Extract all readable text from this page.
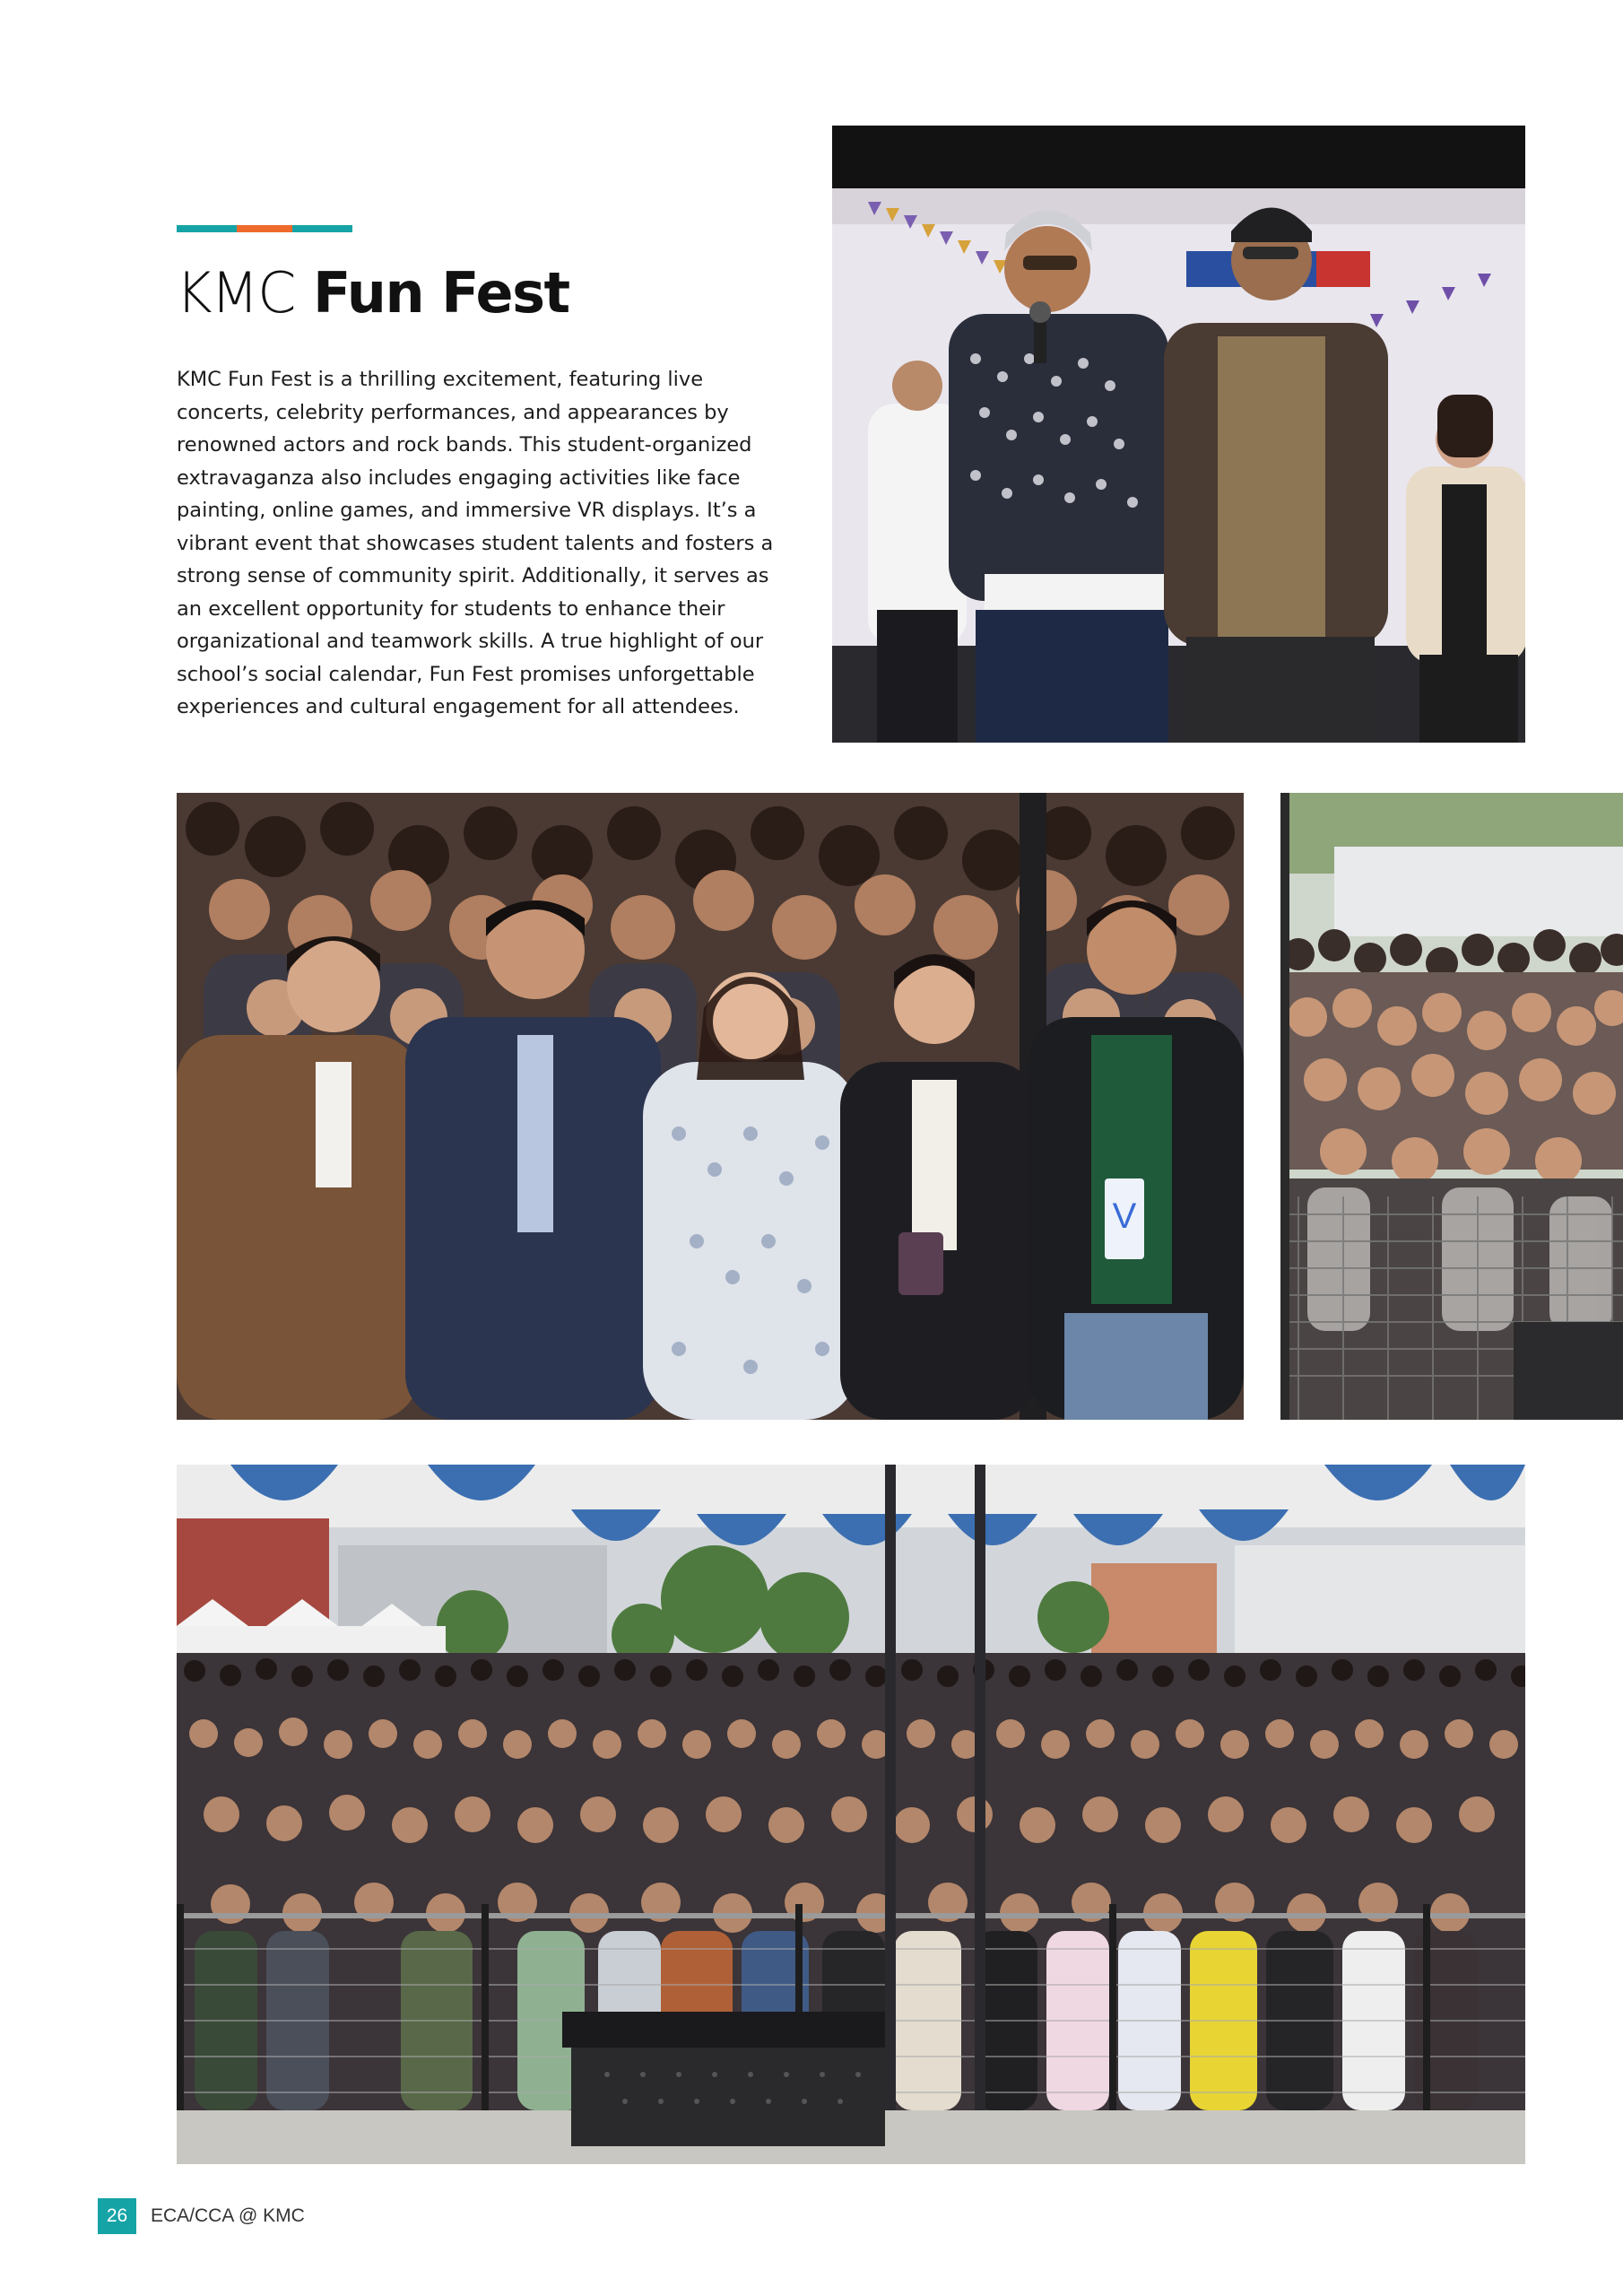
KMC Fun Fest

KMC Fun Fest is a thrilling excitement, featuring live concerts, celebrity performances, and appearances by renowned actors and rock bands. This student-organized extravaganza also includes engaging activities like face painting, online games, and immersive VR displays. It’s a vibrant event that showcases student talents and fosters a strong sense of community spirit. Additionally, it serves as an excellent opportunity for students to enhance their organizational and teamwork skills. A true highlight of our school’s social calendar, Fun Fest promises unforgettable experiences and cultural engagement for all attendees.

V
26	ECA/CCA @ KMC
